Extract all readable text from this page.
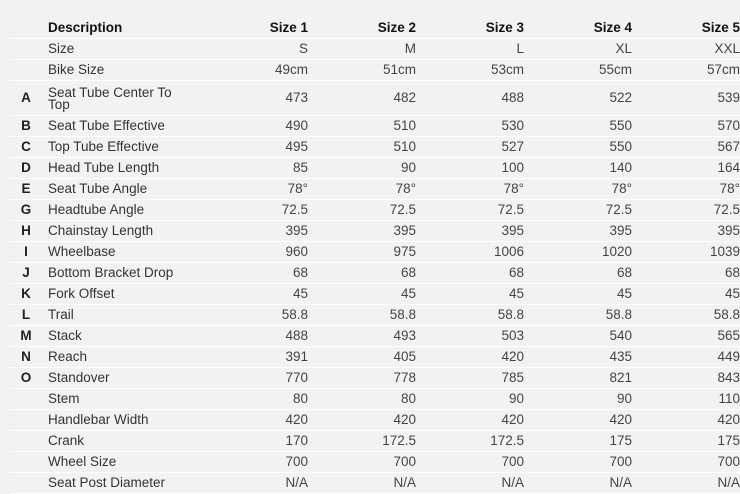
	Description	Size 1	Size 2	Size 3	Size 4	Size 5
	Size	S	M	L	XL	XXL
	Bike Size	49cm	51cm	53cm	55cm	57cm
A	Seat Tube Center To Top	473	482	488	522	539
B	Seat Tube Effective	490	510	530	550	570
C	Top Tube Effective	495	510	527	550	567
D	Head Tube Length	85	90	100	140	164
E	Seat Tube Angle	78°	78°	78°	78°	78°
G	Headtube Angle	72.5	72.5	72.5	72.5	72.5
H	Chainstay Length	395	395	395	395	395
I	Wheelbase	960	975	1006	1020	1039
J	Bottom Bracket Drop	68	68	68	68	68
K	Fork Offset	45	45	45	45	45
L	Trail	58.8	58.8	58.8	58.8	58.8
M	Stack	488	493	503	540	565
N	Reach	391	405	420	435	449
O	Standover	770	778	785	821	843
	Stem	80	80	90	90	110
	Handlebar Width	420	420	420	420	420
	Crank	170	172.5	172.5	175	175
	Wheel Size	700	700	700	700	700
	Seat Post Diameter	N/A	N/A	N/A	N/A	N/A
